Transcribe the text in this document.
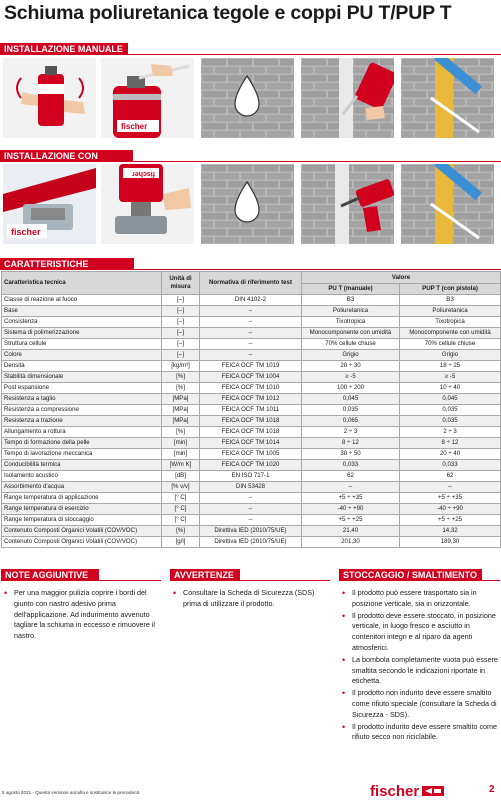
Schiuma poliuretanica tegole e coppi PU T/PUP T
INSTALLAZIONE MANUALE
fischer
INSTALLAZIONE CON
fischer
fischer
CARATTERISTICHE
Caratteristica tecnica	Unità di misura	Normativa di riferimento test	Valore	
			PU T (manuale)	PUP T (con pistola)
Classe di reazione al fuoco	[–]	DIN 4102-2	B3	B3
Base	[–]	–	Poliuretanica	Poliuretanica
Consistenza	[–]	–	Tixotropica	Tixotropica
Sistema di polimerizzazione	[–]	–	Monocomponente con umidità	Monocomponente con umidità
Struttura cellule	[–]	–	70% cellule chiuse	70% cellule chiuse
Colore	[–]	–	Grigio	Grigio
Densità	[kg/m³]	FEICA OCF TM 1019	20 ÷ 30	18 ÷ 25
Stabilità dimensionale	[%]	FEICA OCF TM 1004	≥ -5	≥ -5
Post espansione	[%]	FEICA OCF TM 1010	100 ÷ 200	10 ÷ 40
Resistenza a taglio	[MPa]	FEICA OCF TM 1012	0,045	0,045
Resistenza a compressione	[MPa]	FEICA OCF TM 1011	0,035	0,035
Resistenza a trazione	[MPa]	FEICA OCF TM 1018	0,065	0,035
Allungamento a rottura	[%]	FEICA OCF TM 1018	2 ÷ 3	2 ÷ 3
Tempo di formazione della pelle	[min]	FEICA OCF TM 1014	8 ÷ 12	8 ÷ 12
Tempo di lavorazione meccanica	[min]	FEICA OCF TM 1005	30 ÷ 50	20 ÷ 40
Conducibilità termica	[W/m K]	FEICA OCF TM 1020	0,033	0,033
Isolamento acustico	[dB]	EN ISO 717-1	62	62
Assorbimento d'acqua	[% v/v]	DIN 53428	–	–
Range temperatura di applicazione	[° C]	–	+5 ÷ +35	+5 ÷ +35
Range temperatura di esercizio	[° C]	–	-40 ÷ +90	-40 ÷ +90
Range temperatura di stoccaggio	[° C]	–	+5 ÷ +25	+5 ÷ +25
Contenuto Composti Organici Volatili (COV/VOC)	[%]	Direttiva IED (2010/75/UE)	21,40	14,32
Contenuto Composti Organici Volatili (COV/VOC)	[g/l]	Direttiva IED (2010/75/UE)	201,30	189,30
NOTE AGGIUNTIVE
• Per una maggior pulizia coprire i bordi del giunto con nastro adesivo prima dell'applicazione. Ad indurimento avvenuto tagliare la schiuma in eccesso e rimuovere il nastro.
AVVERTENZE
• Consultare la Scheda di Sicurezza (SDS) prima di utilizzare il prodotto.
STOCCAGGIO / SMALTIMENTO
• Il prodotto può essere trasportato sia in posizione verticale, sia in orizzontale.
• Il prodotto deve essere stoccato, in posizione verticale, in luogo fresco e asciutto in contenitori integri e al riparo da agenti atmosferici.
• La bombola completamente vuota può essere smaltita secondo le indicazioni riportate in etichetta.
• Il prodotto non indurito deve essere smaltito come rifiuto speciale (consultare la Scheda di Sicurezza - SDS).
• Il prodotto indurito deve essere smaltito come rifiuto secco non riciclabile.
5 agosto 2021 - Questa versione annulla e sostituisce le precedenti.	fischer	2
